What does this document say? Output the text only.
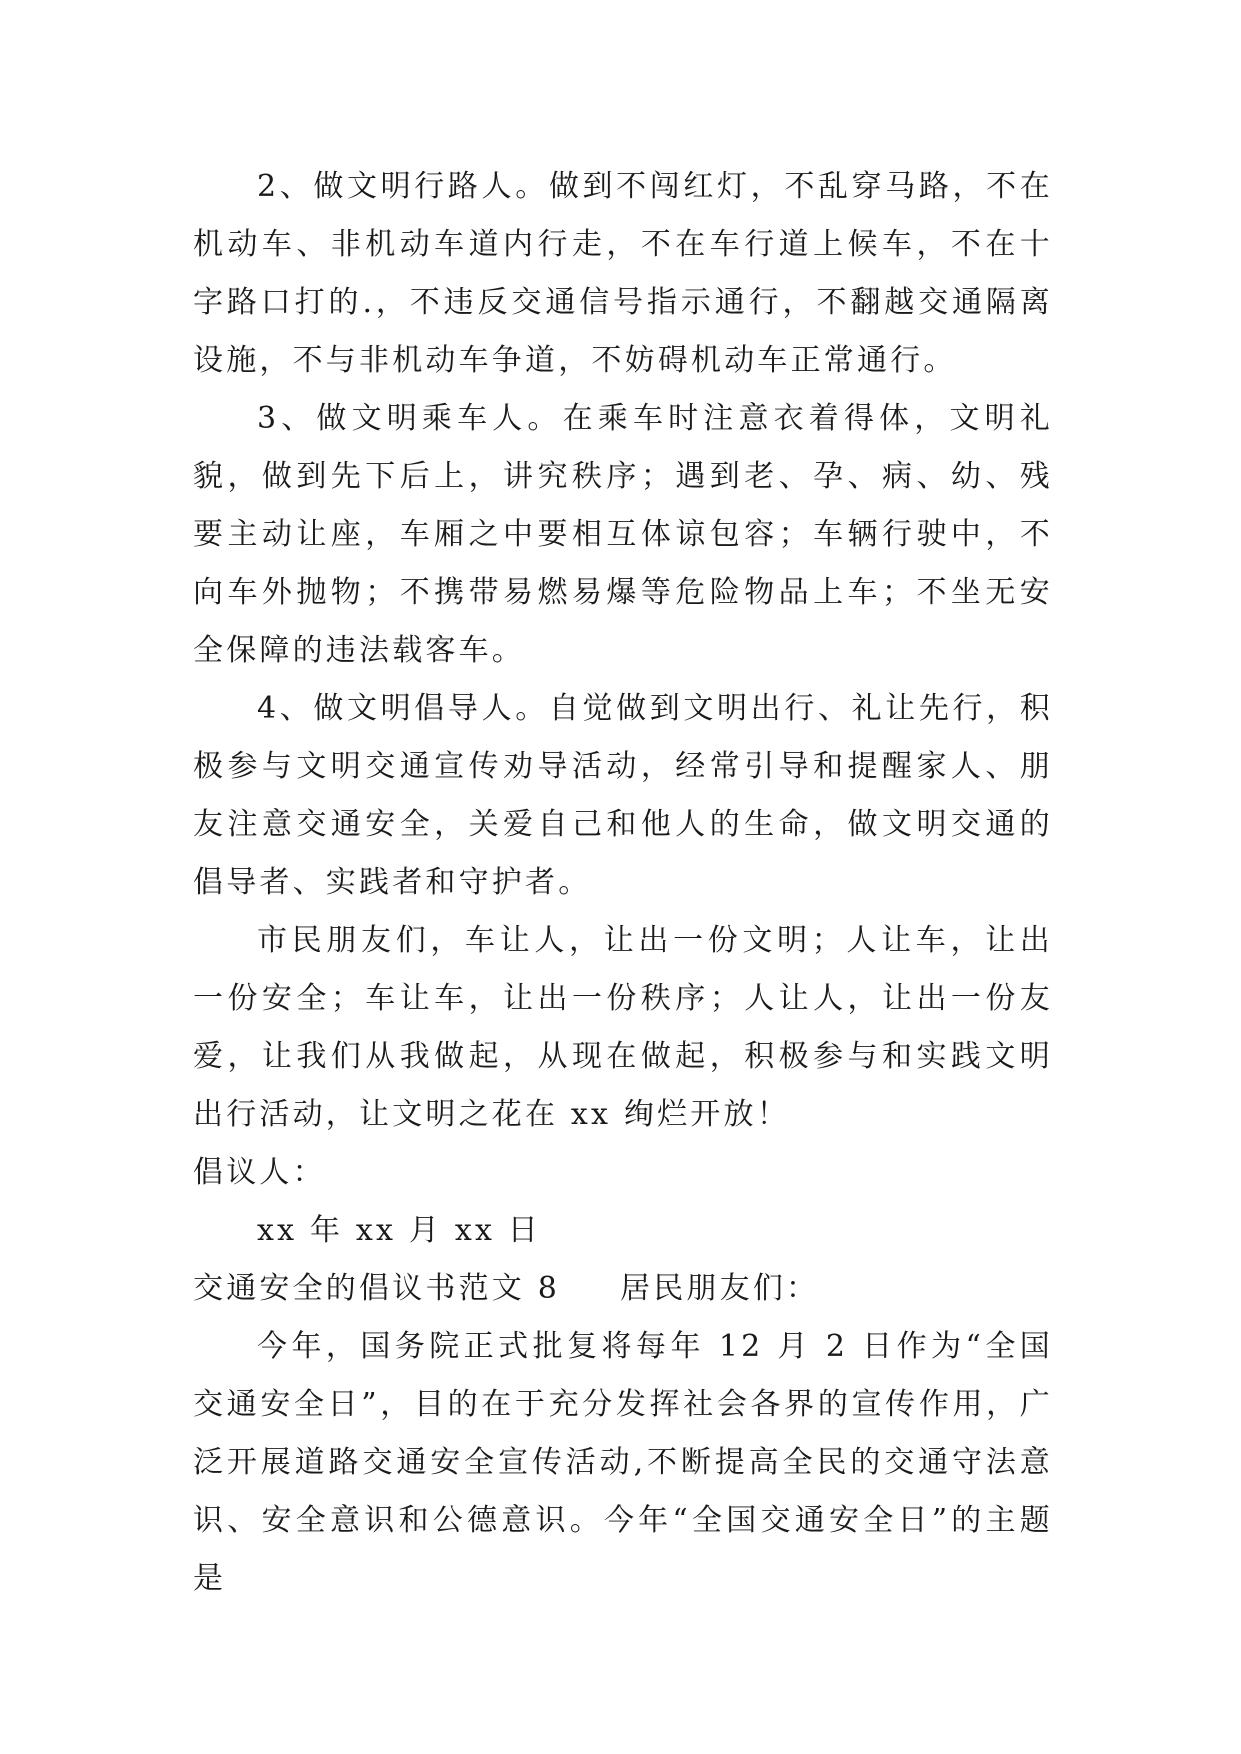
2、做文明行路人。做到不闯红灯，不乱穿马路，不在机动车、非机动车道内行走，不在车行道上候车，不在十字路口打的.，不违反交通信号指示通行，不翻越交通隔离设施，不与非机动车争道，不妨碍机动车正常通行。

3、做文明乘车人。在乘车时注意衣着得体，文明礼貌，做到先下后上，讲究秩序；遇到老、孕、病、幼、残要主动让座，车厢之中要相互体谅包容；车辆行驶中，不向车外抛物；不携带易燃易爆等危险物品上车；不坐无安全保障的违法载客车。

4、做文明倡导人。自觉做到文明出行、礼让先行，积极参与文明交通宣传劝导活动，经常引导和提醒家人、朋友注意交通安全，关爱自己和他人的生命，做文明交通的倡导者、实践者和守护者。

市民朋友们，车让人，让出一份文明；人让车，让出一份安全；车让车，让出一份秩序；人让人，让出一份友爱，让我们从我做起，从现在做起，积极参与和实践文明出行活动，让文明之花在 xx 绚烂开放！

倡议人：

xx 年 xx 月 xx 日

交通安全的倡议书范文 8 居民朋友们：

今年，国务院正式批复将每年 12 月 2 日作为“全国交通安全日”，目的在于充分发挥社会各界的宣传作用，广泛开展道路交通安全宣传活动,不断提高全民的交通守法意识、安全意识和公德意识。今年“全国交通安全日”的主题是
